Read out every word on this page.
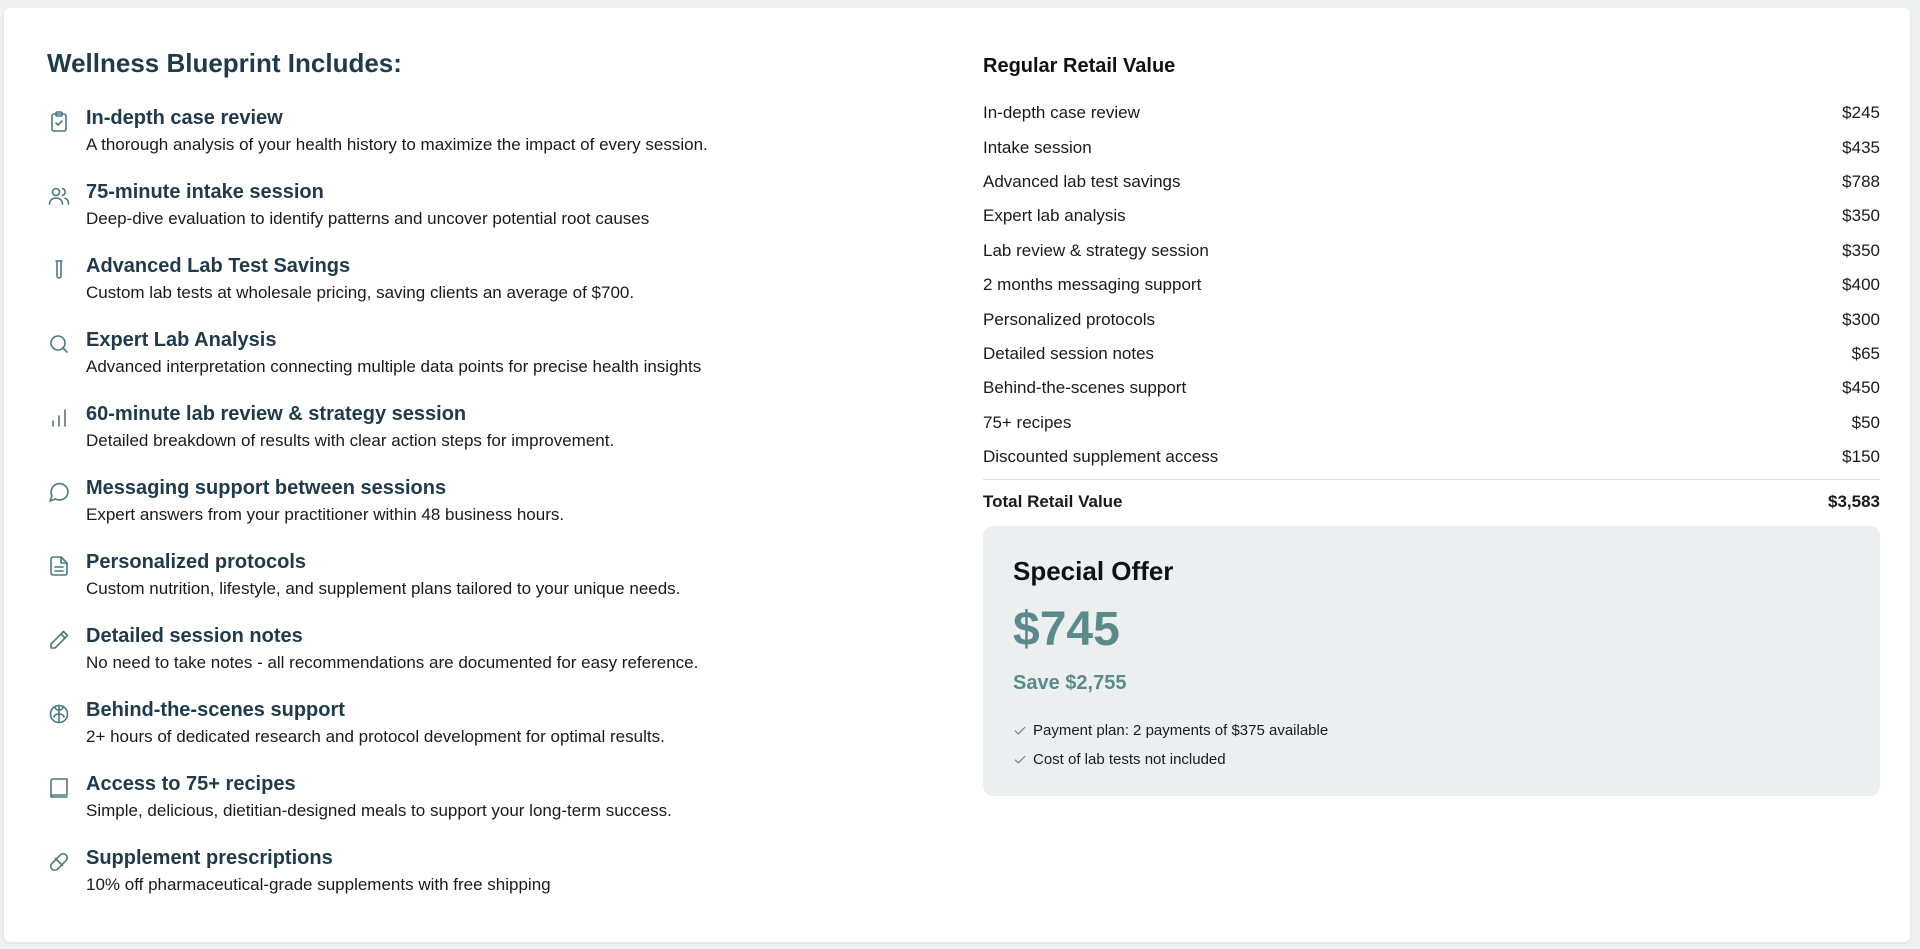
Wellness Blueprint Includes:
In-depth case review
A thorough analysis of your health history to maximize the impact of every session.
75-minute intake session
Deep-dive evaluation to identify patterns and uncover potential root causes
Advanced Lab Test Savings
Custom lab tests at wholesale pricing, saving clients an average of $700.
Expert Lab Analysis
Advanced interpretation connecting multiple data points for precise health insights
60-minute lab review & strategy session
Detailed breakdown of results with clear action steps for improvement.
Messaging support between sessions
Expert answers from your practitioner within 48 business hours.
Personalized protocols
Custom nutrition, lifestyle, and supplement plans tailored to your unique needs.
Detailed session notes
No need to take notes - all recommendations are documented for easy reference.
Behind-the-scenes support
2+ hours of dedicated research and protocol development for optimal results.
Access to 75+ recipes
Simple, delicious, dietitian-designed meals to support your long-term success.
Supplement prescriptions
10% off pharmaceutical-grade supplements with free shipping
Regular Retail Value
In-depth case review	$245
Intake session	$435
Advanced lab test savings	$788
Expert lab analysis	$350
Lab review & strategy session	$350
2 months messaging support	$400
Personalized protocols	$300
Detailed session notes	$65
Behind-the-scenes support	$450
75+ recipes	$50
Discounted supplement access	$150
Total Retail Value	$3,583
Special Offer
$745
Save $2,755
Payment plan: 2 payments of $375 available
Cost of lab tests not included
